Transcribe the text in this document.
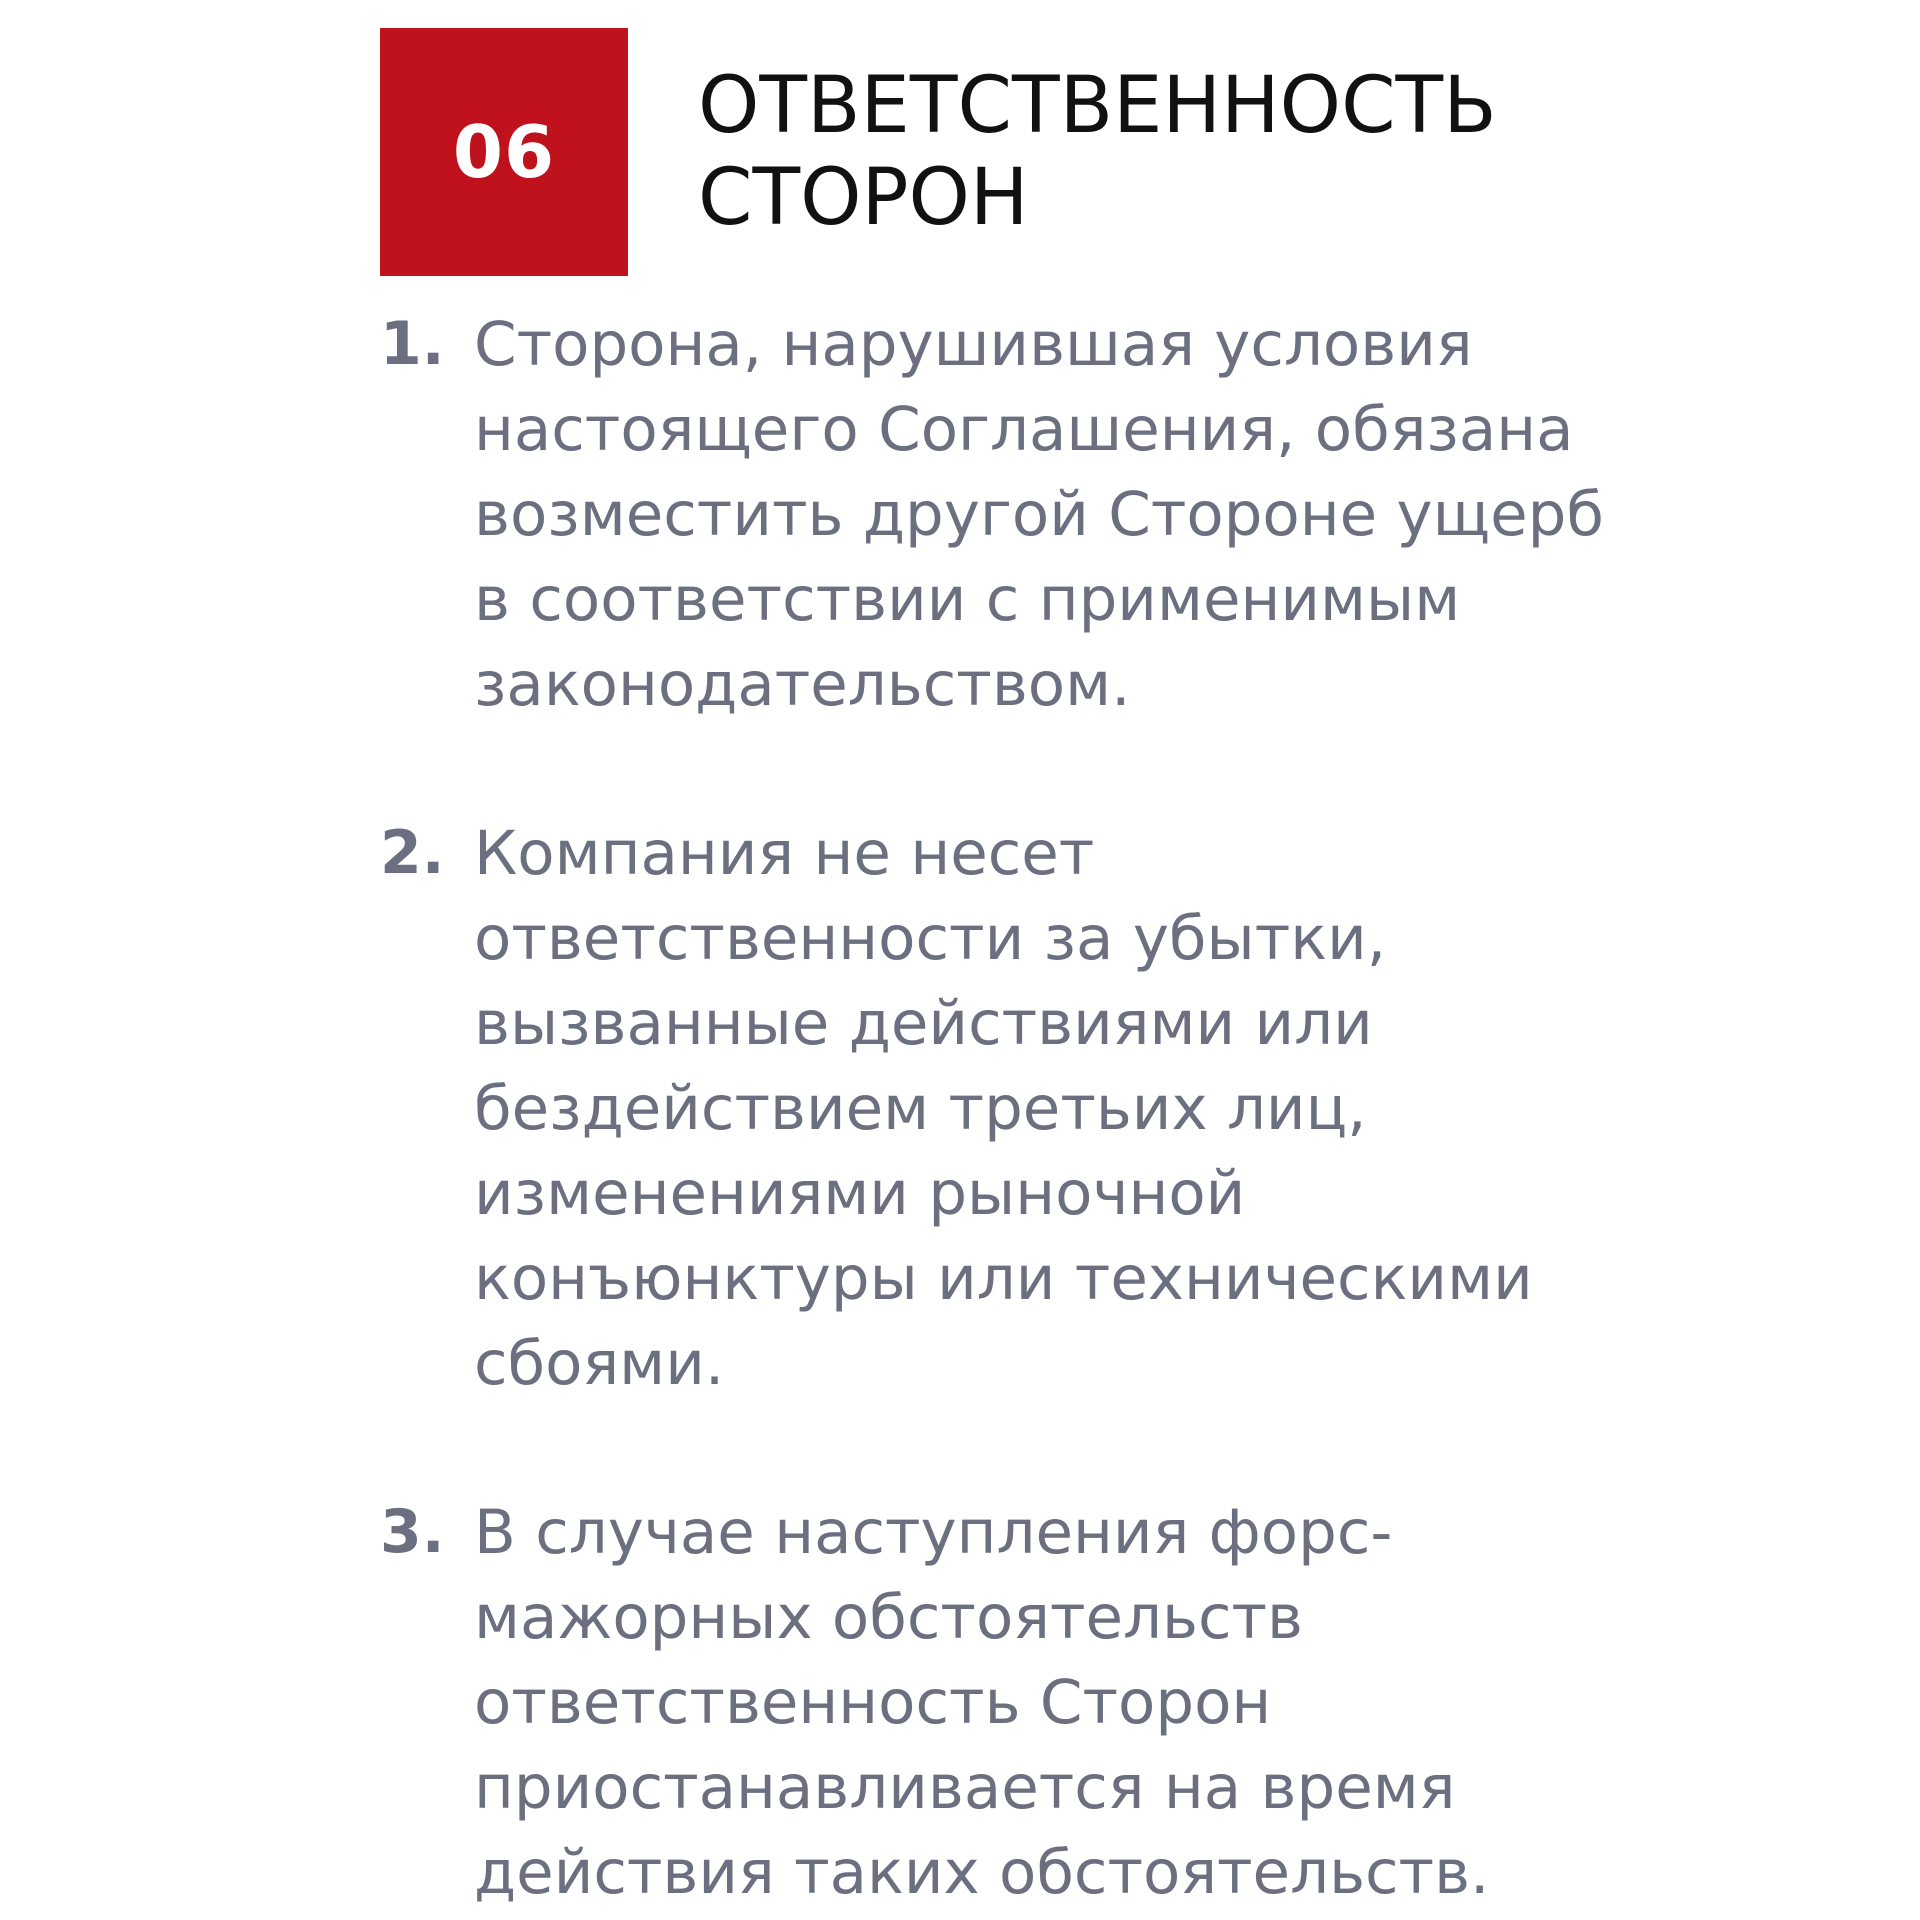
06
ОТВЕТСТВЕННОСТЬ
СТОРОН
1. Сторона, нарушившая условия настоящего Соглашения, обязана возместить другой Стороне ущерб в соответствии с применимым законодательством.
2. Компания не несет ответственности за убытки, вызванные действиями или бездействием третьих лиц, изменениями рыночной конъюнктуры или техническими сбоями.
3. В случае наступления форс-мажорных обстоятельств ответственность Сторон приостанавливается на время действия таких обстоятельств.
